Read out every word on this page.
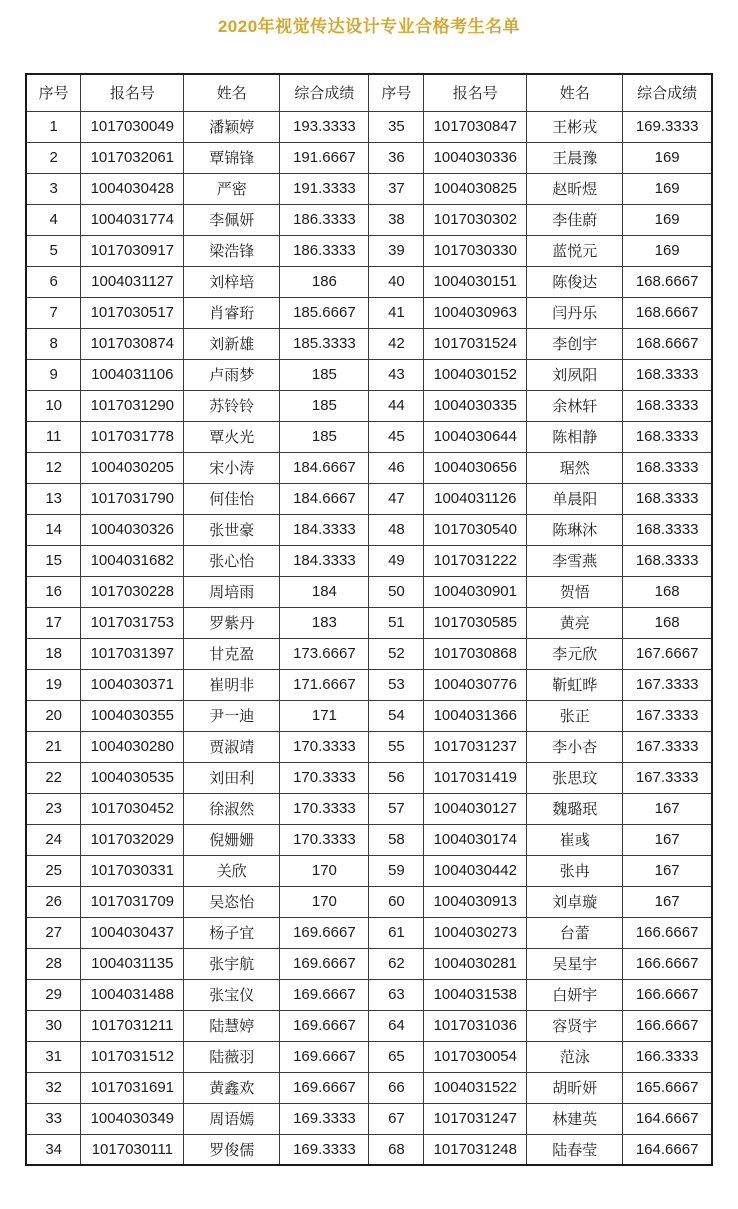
2020年视觉传达设计专业合格考生名单
序号	报名号	姓名	综合成绩	序号	报名号	姓名	综合成绩
1	1017030049	潘颖婷	193.3333	35	1017030847	王彬戎	169.3333
2	1017032061	覃锦锋	191.6667	36	1004030336	王晨豫	169
3	1004030428	严密	191.3333	37	1004030825	赵昕煜	169
4	1004031774	李佩妍	186.3333	38	1017030302	李佳蔚	169
5	1017030917	梁浩锋	186.3333	39	1017030330	蓝悦元	169
6	1004031127	刘梓培	186	40	1004030151	陈俊达	168.6667
7	1017030517	肖睿珩	185.6667	41	1004030963	闫丹乐	168.6667
8	1017030874	刘新雄	185.3333	42	1017031524	李创宇	168.6667
9	1004031106	卢雨梦	185	43	1004030152	刘夙阳	168.3333
10	1017031290	苏铃铃	185	44	1004030335	余林轩	168.3333
11	1017031778	覃火光	185	45	1004030644	陈相静	168.3333
12	1004030205	宋小涛	184.6667	46	1004030656	琚然	168.3333
13	1017031790	何佳怡	184.6667	47	1004031126	单晨阳	168.3333
14	1004030326	张世豪	184.3333	48	1017030540	陈琳沐	168.3333
15	1004031682	张心怡	184.3333	49	1017031222	李雪燕	168.3333
16	1017030228	周培雨	184	50	1004030901	贺悟	168
17	1017031753	罗紫丹	183	51	1017030585	黄亮	168
18	1017031397	甘克盈	173.6667	52	1017030868	李元欣	167.6667
19	1004030371	崔明非	171.6667	53	1004030776	靳虹晔	167.3333
20	1004030355	尹一迪	171	54	1004031366	张正	167.3333
21	1004030280	贾淑靖	170.3333	55	1017031237	李小杏	167.3333
22	1004030535	刘田利	170.3333	56	1017031419	张思玟	167.3333
23	1017030452	徐淑然	170.3333	57	1004030127	魏璐珉	167
24	1017032029	倪姗姗	170.3333	58	1004030174	崔彧	167
25	1017030331	关欣	170	59	1004030442	张冉	167
26	1017031709	吴恣怡	170	60	1004030913	刘卓璇	167
27	1004030437	杨子宜	169.6667	61	1004030273	台蕾	166.6667
28	1004031135	张宇航	169.6667	62	1004030281	吴星宇	166.6667
29	1004031488	张宝仪	169.6667	63	1004031538	白妍宇	166.6667
30	1017031211	陆慧婷	169.6667	64	1017031036	容贤宇	166.6667
31	1017031512	陆薇羽	169.6667	65	1017030054	范泳	166.3333
32	1017031691	黄鑫欢	169.6667	66	1004031522	胡昕妍	165.6667
33	1004030349	周语嫣	169.3333	67	1017031247	林建英	164.6667
34	1017030111	罗俊儒	169.3333	68	1017031248	陆春莹	164.6667
